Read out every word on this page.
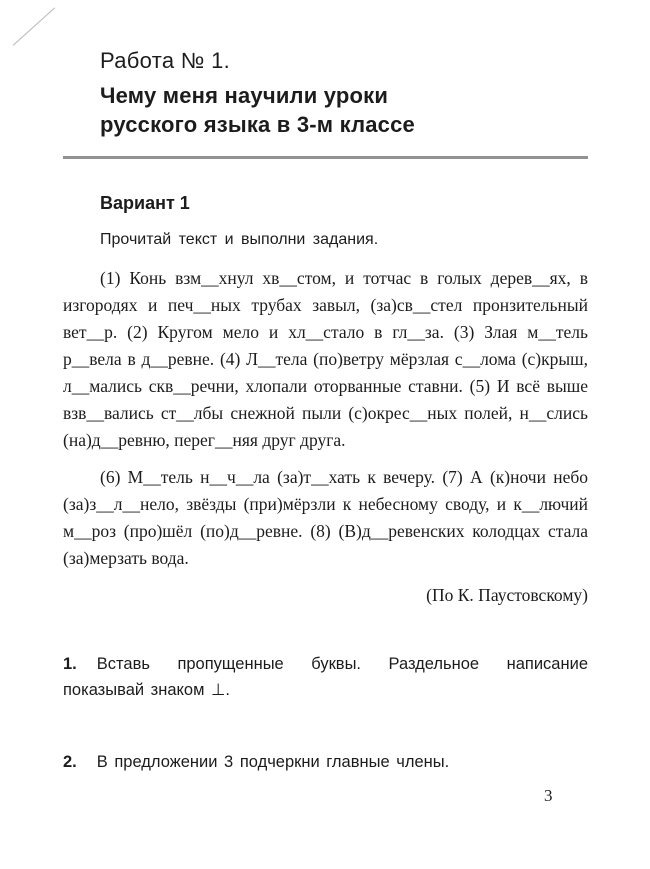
Работа № 1.
Чему меня научили уроки
русского языка в 3-м классе
Вариант 1
Прочитай текст и выполни задания.

(1) Конь взм__хнул хв__стом, и тотчас в голых дерев__ях, в изгородях и печ__ных трубах завыл, (за)св__стел пронзительный вет__р. (2) Кругом мело и хл__стало в гл__за. (3) Злая м__тель р__вела в д__ревне. (4) Л__тела (по)ветру мёрзлая с__лома (с)крыш, л__мались скв__речни, хлопали оторванные ставни. (5) И всё выше взв__вались ст__лбы снежной пыли (с)окрес__ных полей, н__слись (на)д__ревню, перег__няя друг друга.

(6) М__тель н__ч__ла (за)т__хать к вечеру. (7) А (к)ночи небо (за)з__л__нело, звёзды (при)мёрзли к небесному своду, и к__лючий м__роз (про)шёл (по)д__ревне. (8) (В)д__ревенских колодцах стала (за)мерзать вода.

(По К. Паустовскому)

1. Вставь пропущенные буквы. Раздельное написание показывай знаком ⊥.
2. В предложении 3 подчеркни главные члены.
3
